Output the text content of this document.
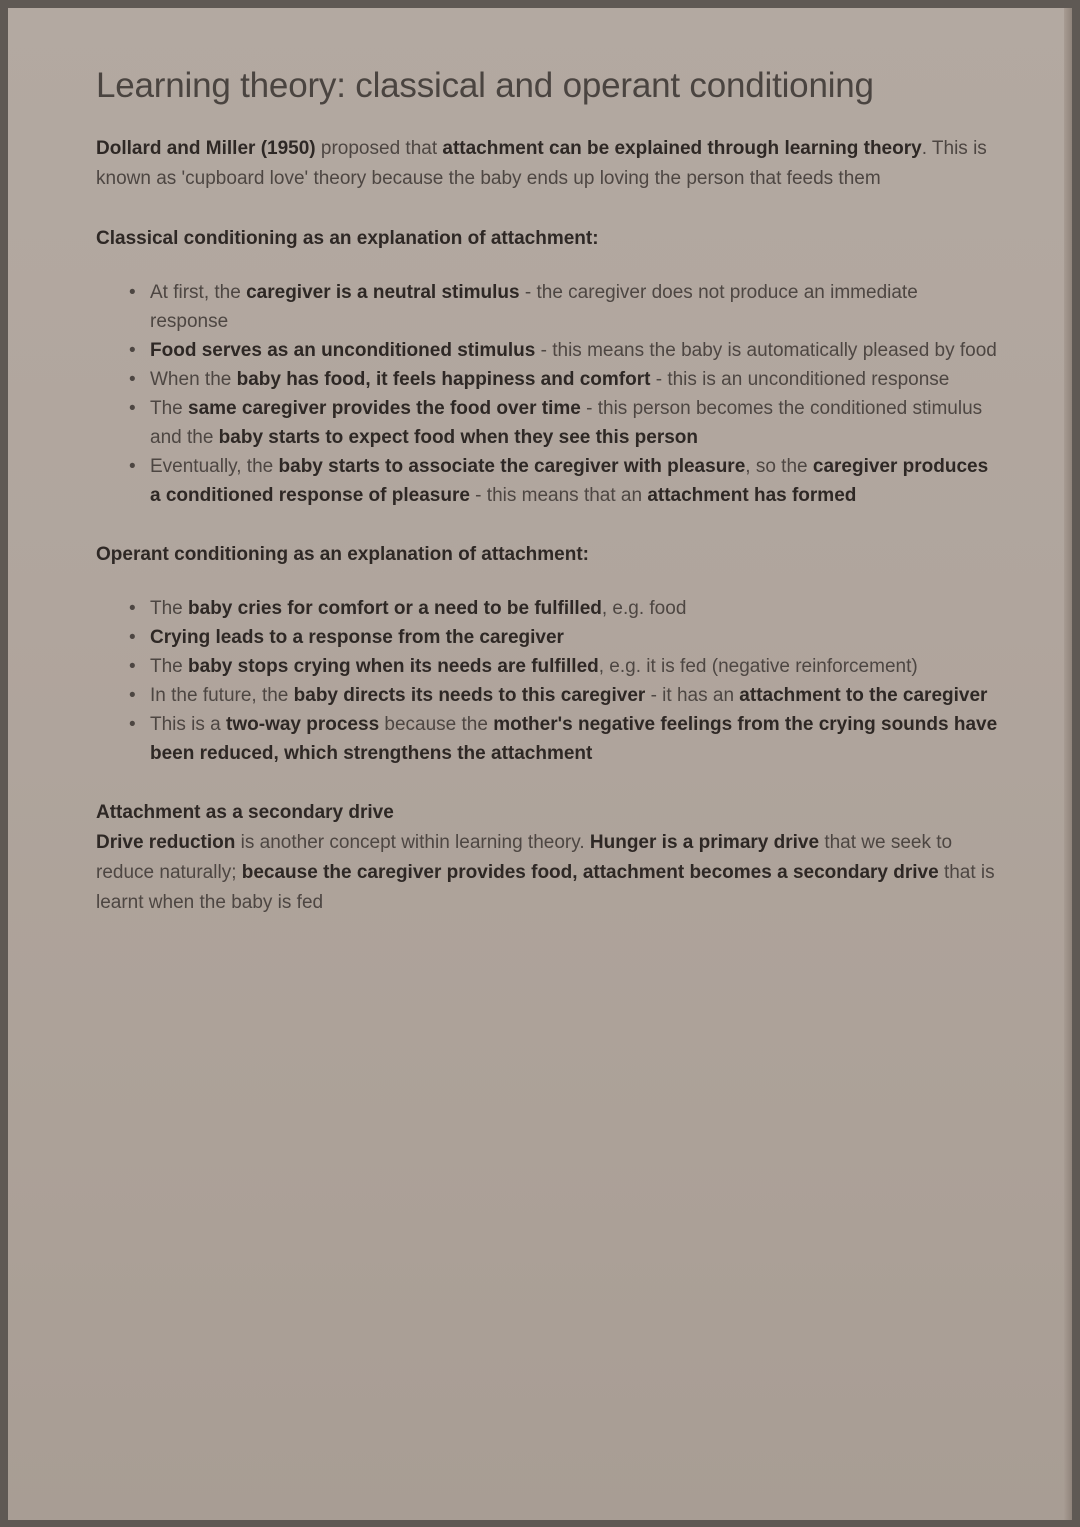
Learning theory: classical and operant conditioning

Dollard and Miller (1950) proposed that attachment can be explained through learning theory. This is known as 'cupboard love' theory because the baby ends up loving the person that feeds them

Classical conditioning as an explanation of attachment:
• At first, the caregiver is a neutral stimulus - the caregiver does not produce an immediate response
• Food serves as an unconditioned stimulus - this means the baby is automatically pleased by food
• When the baby has food, it feels happiness and comfort - this is an unconditioned response
• The same caregiver provides the food over time - this person becomes the conditioned stimulus and the baby starts to expect food when they see this person
• Eventually, the baby starts to associate the caregiver with pleasure, so the caregiver produces a conditioned response of pleasure - this means that an attachment has formed
Operant conditioning as an explanation of attachment:
• The baby cries for comfort or a need to be fulfilled, e.g. food
• Crying leads to a response from the caregiver
• The baby stops crying when its needs are fulfilled, e.g. it is fed (negative reinforcement)
• In the future, the baby directs its needs to this caregiver - it has an attachment to the caregiver
• This is a two-way process because the mother's negative feelings from the crying sounds have been reduced, which strengthens the attachment
Attachment as a secondary drive

Drive reduction is another concept within learning theory. Hunger is a primary drive that we seek to reduce naturally; because the caregiver provides food, attachment becomes a secondary drive that is learnt when the baby is fed
